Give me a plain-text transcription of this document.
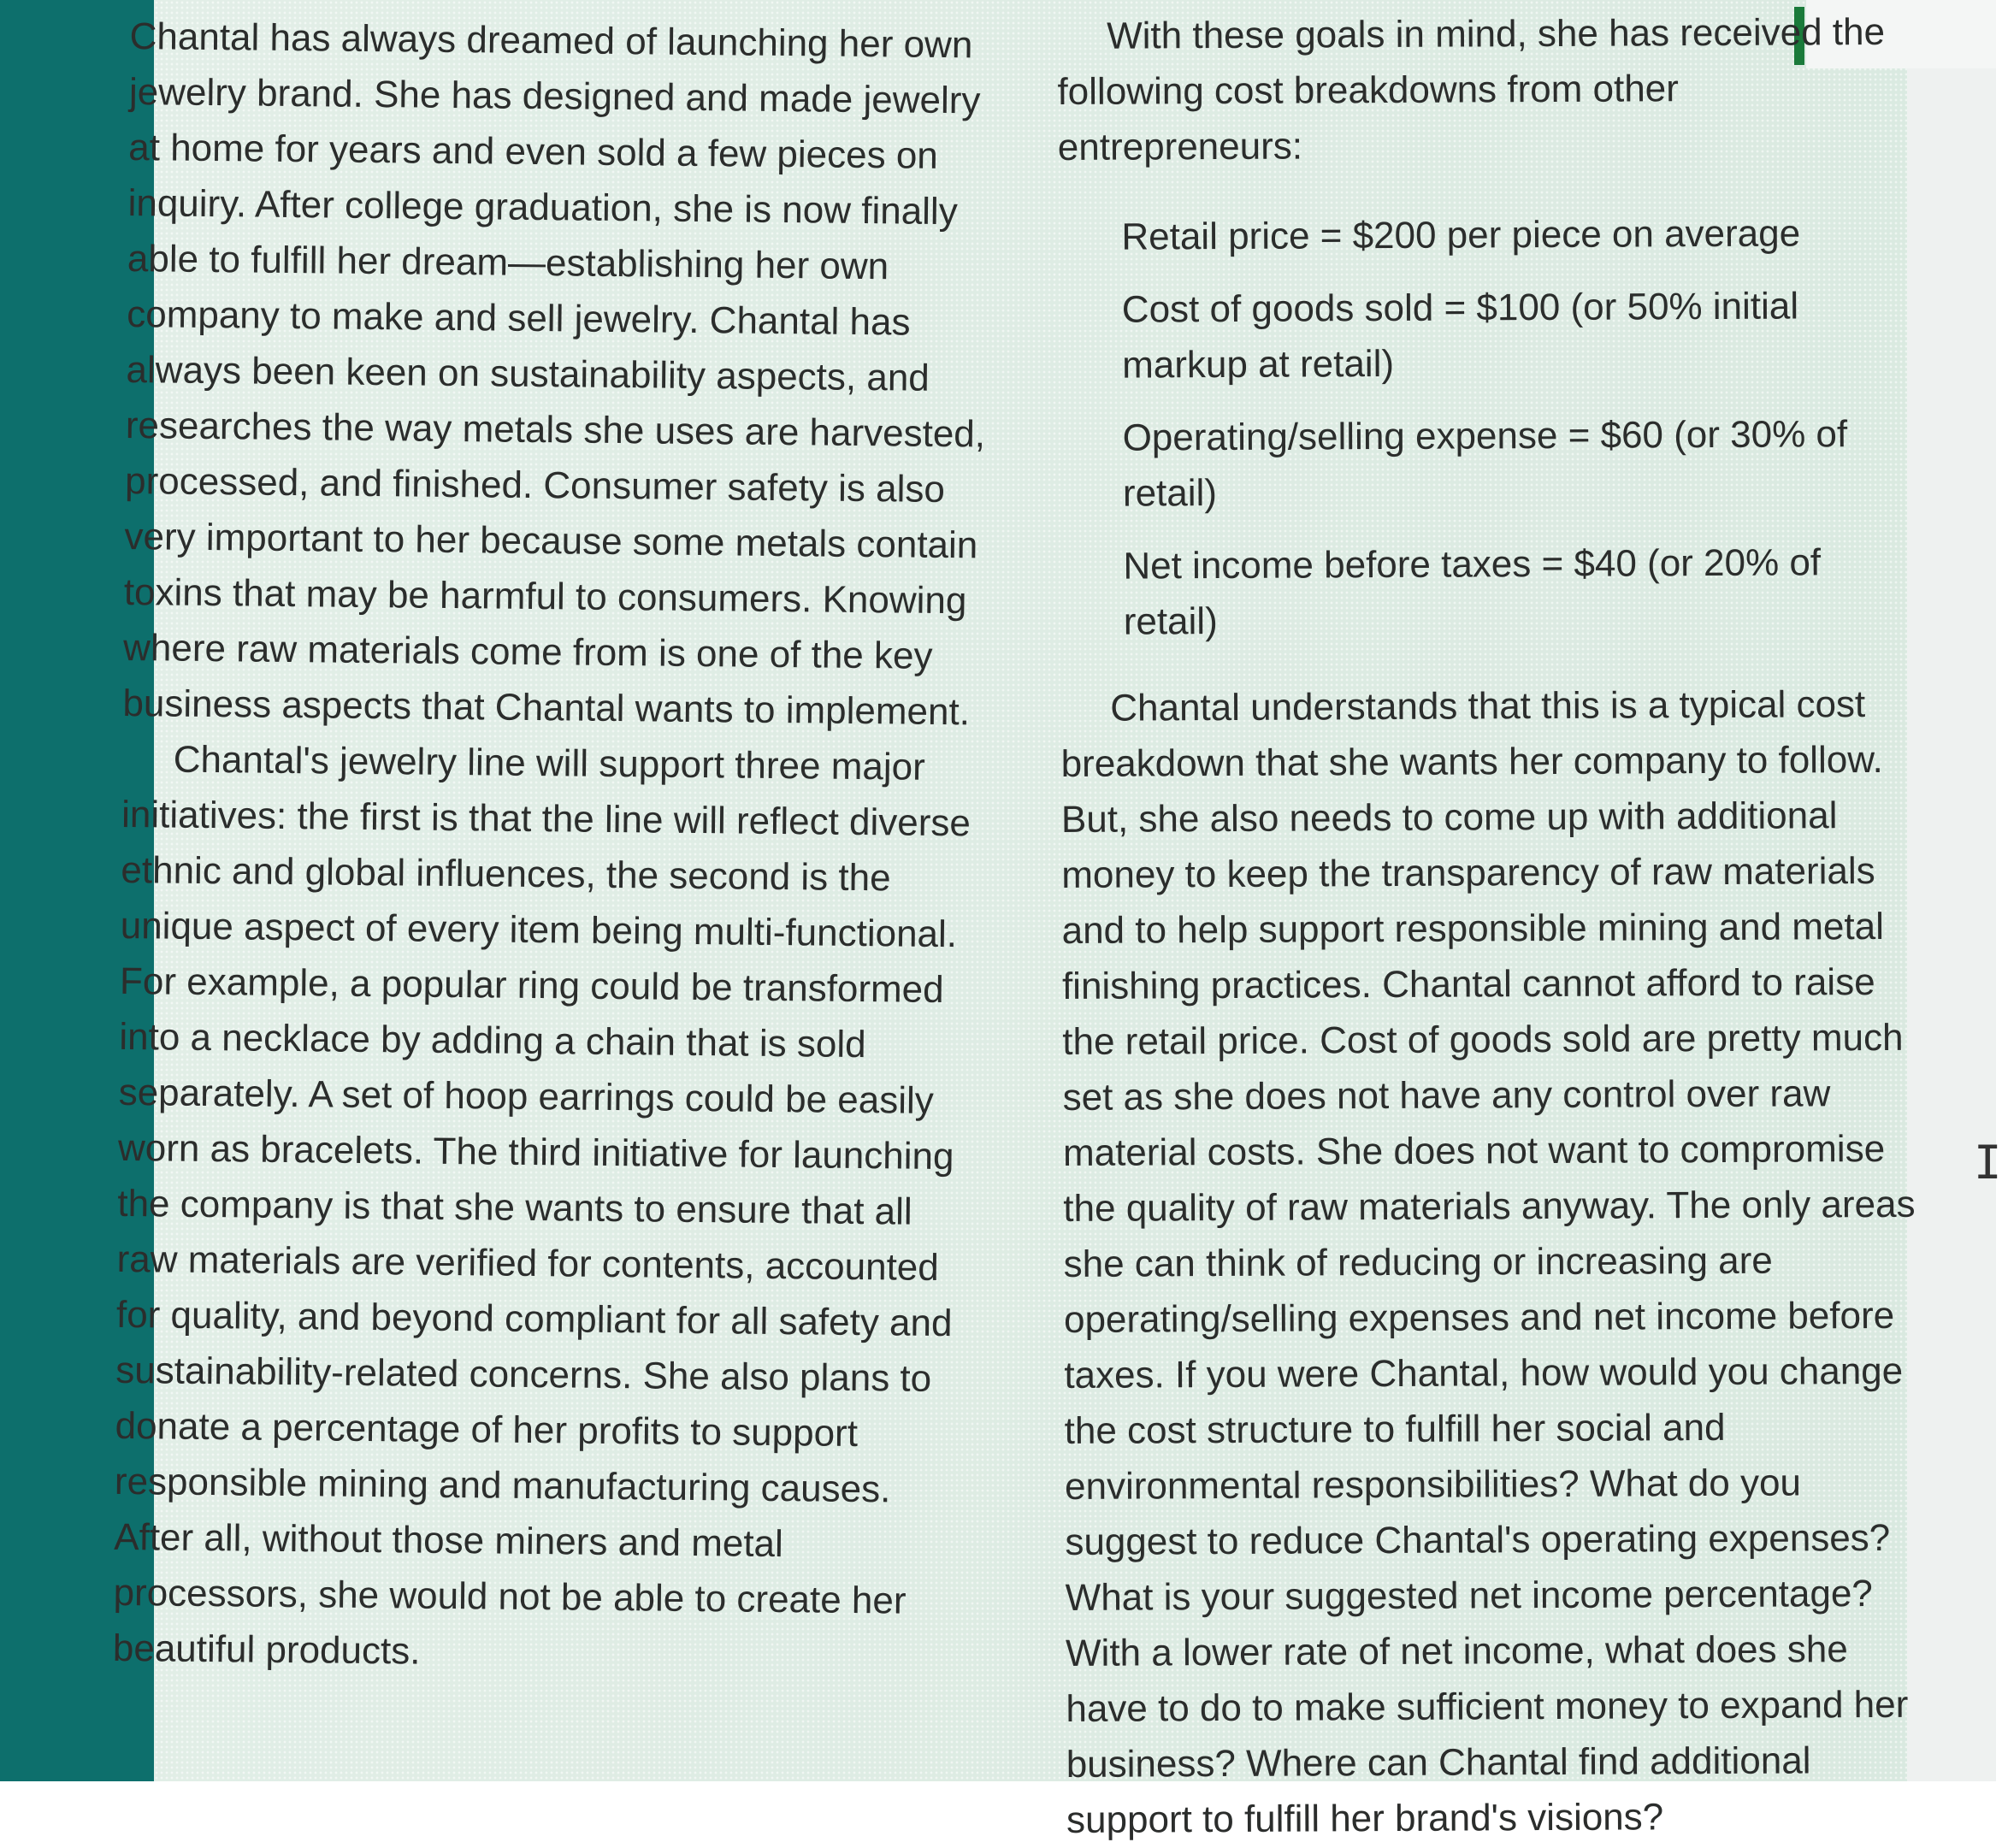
Chantal has always dreamed of launching her own jewelry brand. She has designed and made jewelry at home for years and even sold a few pieces on inquiry. After college graduation, she is now finally able to fulfill her dream—establishing her own company to make and sell jewelry. Chantal has always been keen on sustainability aspects, and researches the way metals she uses are harvested, processed, and finished. Consumer safety is also very important to her because some metals contain toxins that may be harmful to consumers. Knowing where raw materials come from is one of the key business aspects that Chantal wants to implement.

Chantal's jewelry line will support three major initiatives: the first is that the line will reflect diverse ethnic and global influences, the second is the unique aspect of every item being multi-functional. For example, a popular ring could be transformed into a necklace by adding a chain that is sold separately. A set of hoop earrings could be easily worn as bracelets. The third initiative for launching the company is that she wants to ensure that all raw materials are verified for contents, accounted for quality, and beyond compliant for all safety and sustainability-related concerns. She also plans to donate a percentage of her profits to support responsible mining and manufacturing causes. After all, without those miners and metal processors, she would not be able to create her beautiful products.

With these goals in mind, she has received the following cost breakdowns from other entrepreneurs:

Retail price = $200 per piece on average
Cost of goods sold = $100 (or 50% initial markup at retail)
Operating/selling expense = $60 (or 30% of retail)
Net income before taxes = $40 (or 20% of retail)

Chantal understands that this is a typical cost breakdown that she wants her company to follow. But, she also needs to come up with additional money to keep the transparency of raw materials and to help support responsible mining and metal finishing practices. Chantal cannot afford to raise the retail price. Cost of goods sold are pretty much set as she does not have any control over raw material costs. She does not want to compromise the quality of raw materials anyway. The only areas she can think of reducing or increasing are operating/selling expenses and net income before taxes. If you were Chantal, how would you change the cost structure to fulfill her social and environmental responsibilities? What do you suggest to reduce Chantal's operating expenses? What is your suggested net income percentage? With a lower rate of net income, what does she have to do to make sufficient money to expand her business? Where can Chantal find additional support to fulfill her brand's visions?

I
